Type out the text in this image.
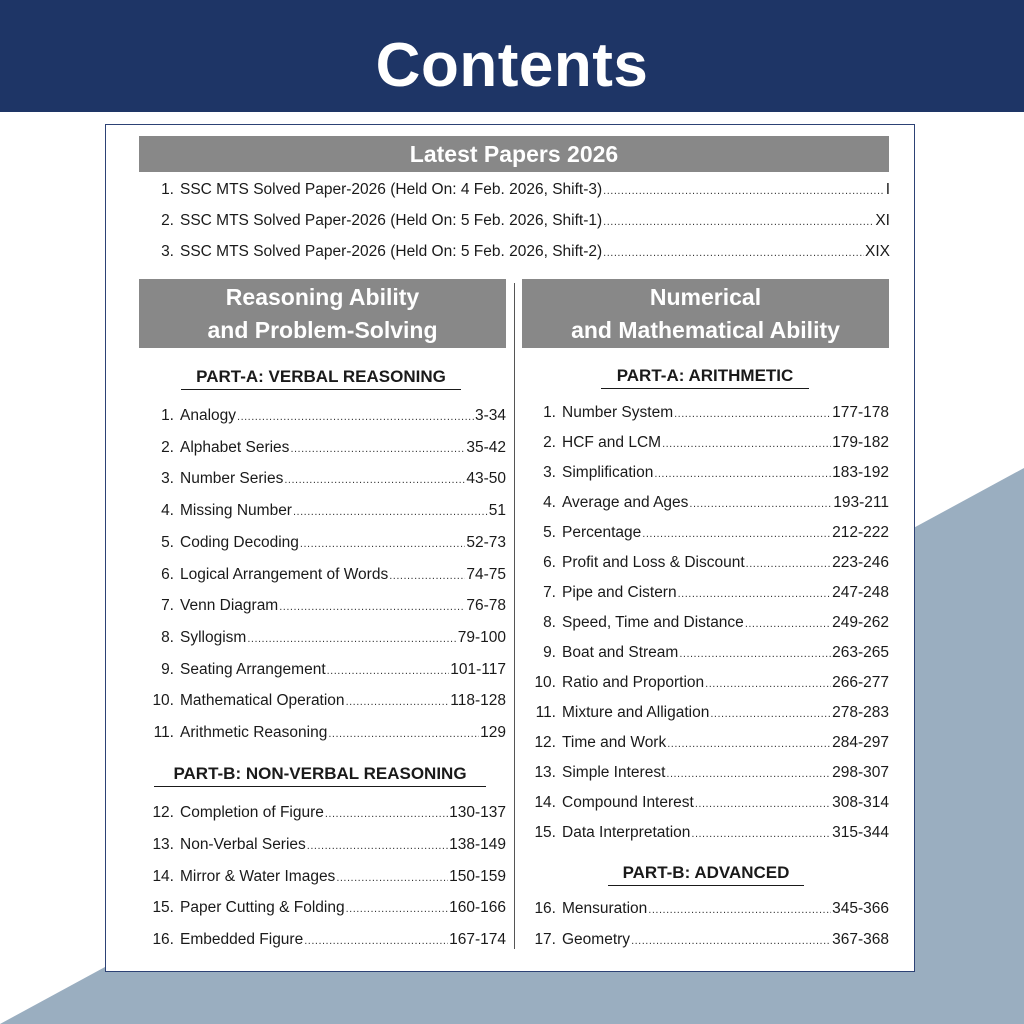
Contents
Latest Papers 2026
Reasoning Ability
and Problem-Solving
Numerical
and Mathematical Ability
PART-A: VERBAL REASONING
PART-B: NON-VERBAL REASONING
PART-A: ARITHMETIC
PART-B: ADVANCED
1. SSC MTS Solved Paper-2026 (Held On: 4 Feb. 2026, Shift-3) .....	I
2. SSC MTS Solved Paper-2026 (Held On: 5 Feb. 2026, Shift-1) .....	XI
3. SSC MTS Solved Paper-2026 (Held On: 5 Feb. 2026, Shift-2) .....	XIX
1. Analogy .....	3-34
2. Alphabet Series .....	35-42
3. Number Series .....	43-50
4. Missing Number .....	51
5. Coding Decoding .....	52-73
6. Logical Arrangement of Words .....	74-75
7. Venn Diagram .....	76-78
8. Syllogism .....	79-100
9. Seating Arrangement .....	101-117
10. Mathematical Operation .....	118-128
11. Arithmetic Reasoning .....	129
12. Completion of Figure .....	130-137
13. Non-Verbal Series .....	138-149
14. Mirror & Water Images .....	150-159
15. Paper Cutting & Folding .....	160-166
16. Embedded Figure .....	167-174
1. Number System .....	177-178
2. HCF and LCM .....	179-182
3. Simplification .....	183-192
4. Average and Ages .....	193-211
5. Percentage .....	212-222
6. Profit and Loss & Discount .....	223-246
7. Pipe and Cistern .....	247-248
8. Speed, Time and Distance .....	249-262
9. Boat and Stream .....	263-265
10. Ratio and Proportion .....	266-277
11. Mixture and Alligation .....	278-283
12. Time and Work .....	284-297
13. Simple Interest .....	298-307
14. Compound Interest .....	308-314
15. Data Interpretation .....	315-344
16. Mensuration .....	345-366
17. Geometry .....	367-368
